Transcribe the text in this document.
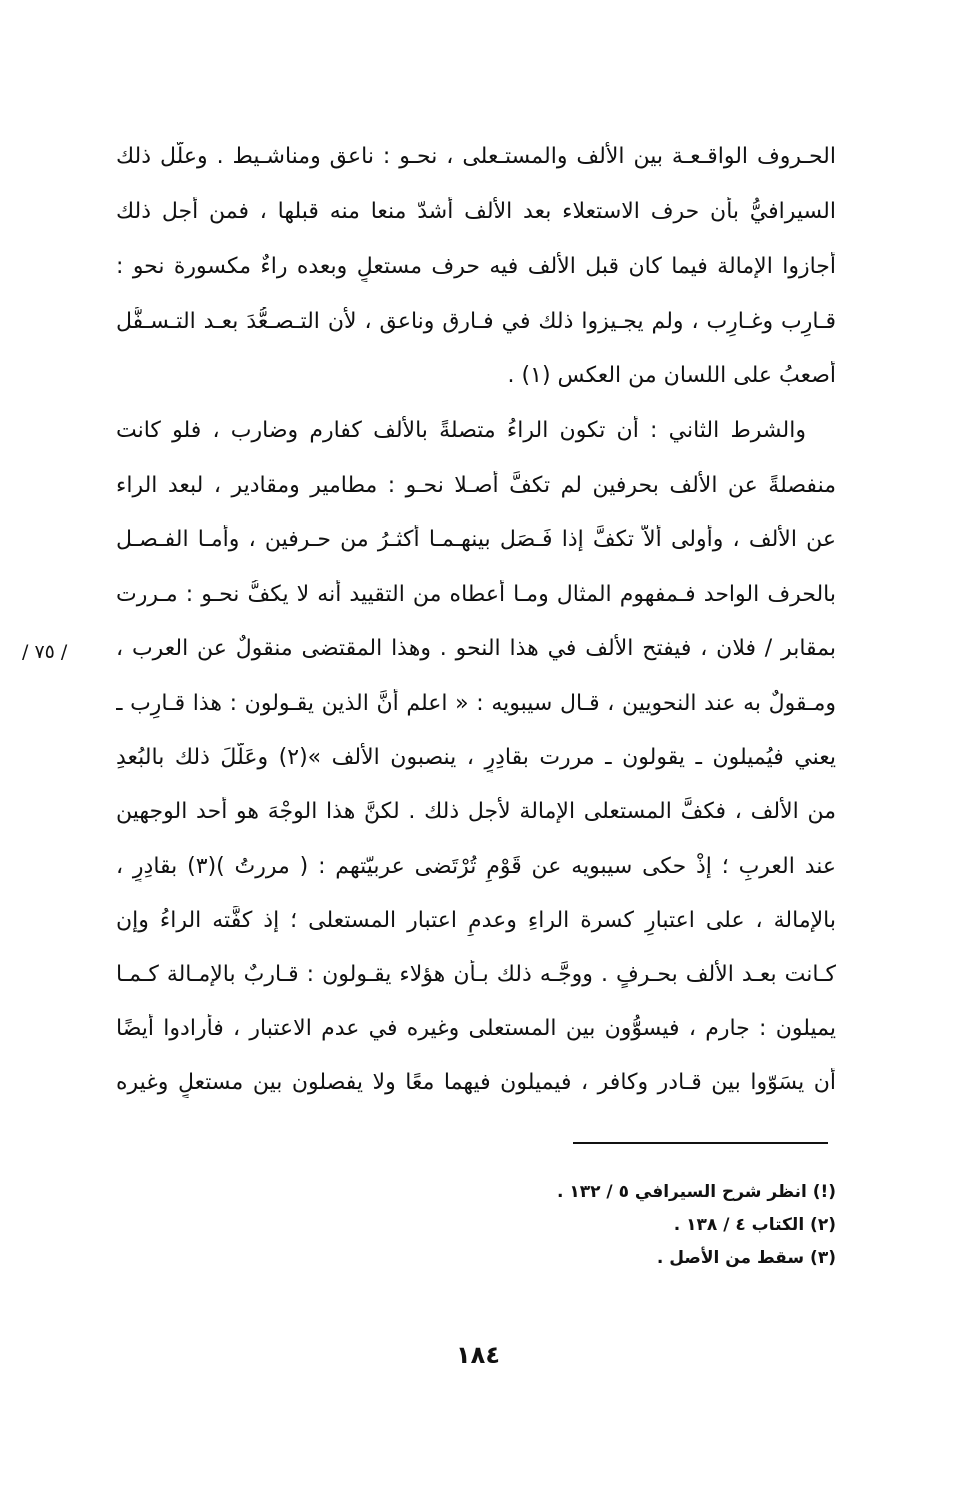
الحـروف الواقـعـة بين الألف والمستـعلى ، نحـو : ناعق ومناشـيط . وعلّل ذلك
السيرافيُّ بأن حرف الاستعلاء بعد الألف أشدّ منعا منه قبلها ، فمن أجل ذلك
أجازوا الإمالة فيما كان قبل الألف فيه حرف مستعلٍ وبعده راءٌ مكسورة نحو :
قـارِب وغـارِب ، ولم يجـيزوا ذلك في فـارق وناعق ، لأن التـصـعُّدَ بعـد التـسـفُّل
أصعبُ على اللسان من العكس (١) .
والشرط الثاني : أن تكون الراءُ متصلةً بالألف كفارم وضارب ، فلو كانت
منفصلةً عن الألف بحرفين لم تكفَّ أصـلا نحـو : مطامير ومقادير ، لبعد الراء
عن الألف ، وأولى ألاَّ تكفَّ إذا فَـصَل بينهـمـا أكثـرُ من حـرفين ، وأمـا الفـصـل
بالحرف الواحد فـمفهوم المثال ومـا أعطاه من التقييد أنه لا يكفُّ نحـو : مـررت
بمقابر / فلان ، فيفتح الألف في هذا النحو . وهذا المقتضى منقولٌ عن العرب ،
/ ٧٥ /
ومـقولٌ به عند النحويين ، قـال سيبويه : « اعلم أنَّ الذين يقـولون : هذا قـارِب ـ
يعني فيُميلون ـ يقولون ـ مررت بقادِرٍ ، ينصبون الألف »(٢) وعَلَّلَ ذلك بالبُعدِ
من الألف ، فكفَّ المستعلى الإمالة لأجل ذلك . لكنَّ هذا الوجْهَ هو أحد الوجهين
عند العربِ ؛ إذْ حكى سيبويه عن قَوْمٍ تُرْتَضى عربيّتهم : ( مررتُ )(٣) بقادِرٍ ،
بالإمالة ، على اعتبارِ كسرة الراءِ وعدمِ اعتبار المستعلى ؛ إذ كفَّته الراءُ وإن
كـانت بعـد الألف بحـرفٍ . ووجَّـه ذلك بـأن هؤلاء يقـولون : قـاربٌ بالإمـالة كـمـا
يميلون : جارم ، فيسوُّون بين المستعلى وغيره في عدم الاعتبار ، فأرادوا أيضًا
أن يسَوّوا بين قـادر وكافر ، فيميلون فيهما معًا ولا يفصلون بين مستعلٍ وغيره
(!) انظر شرح السيرافي ٥ / ١٣٢ .
(٢) الكتاب ٤ / ١٣٨ .
(٣) سقط من الأصل .
١٨٤
